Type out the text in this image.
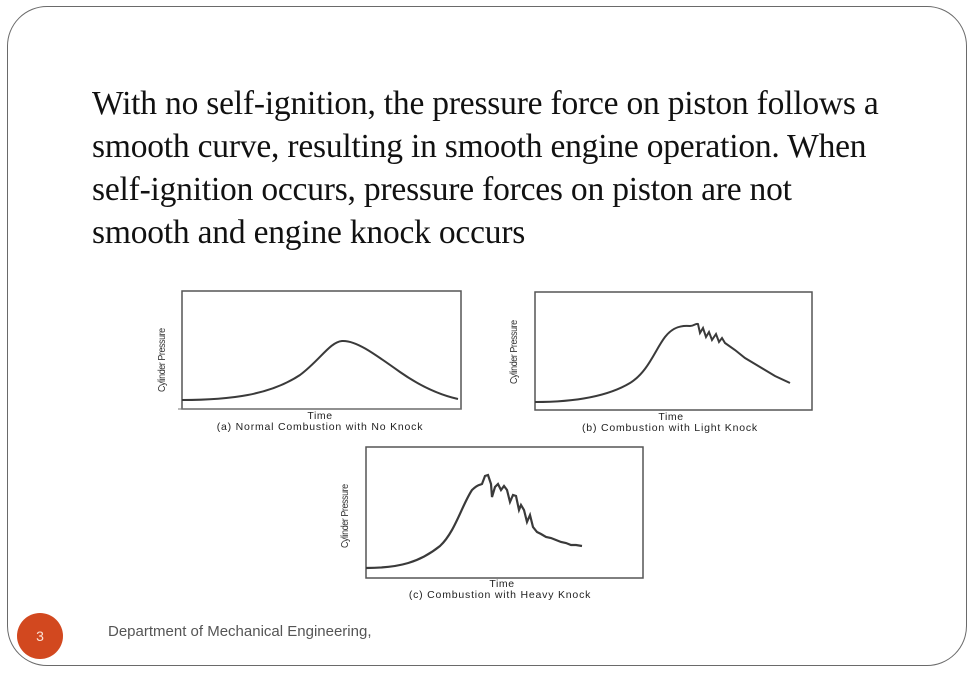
With no self-ignition, the pressure force on piston follows a
smooth curve, resulting in smooth engine operation. When
self-ignition occurs, pressure forces on piston are not
smooth and engine knock occurs
Cylinder Pressure
Time
(a) Normal Combustion with No Knock
Cylinder Pressure
Time
(b) Combustion with Light Knock
Cylinder Pressure
Time
(c) Combustion with Heavy Knock
3	Department of Mechanical Engineering,
